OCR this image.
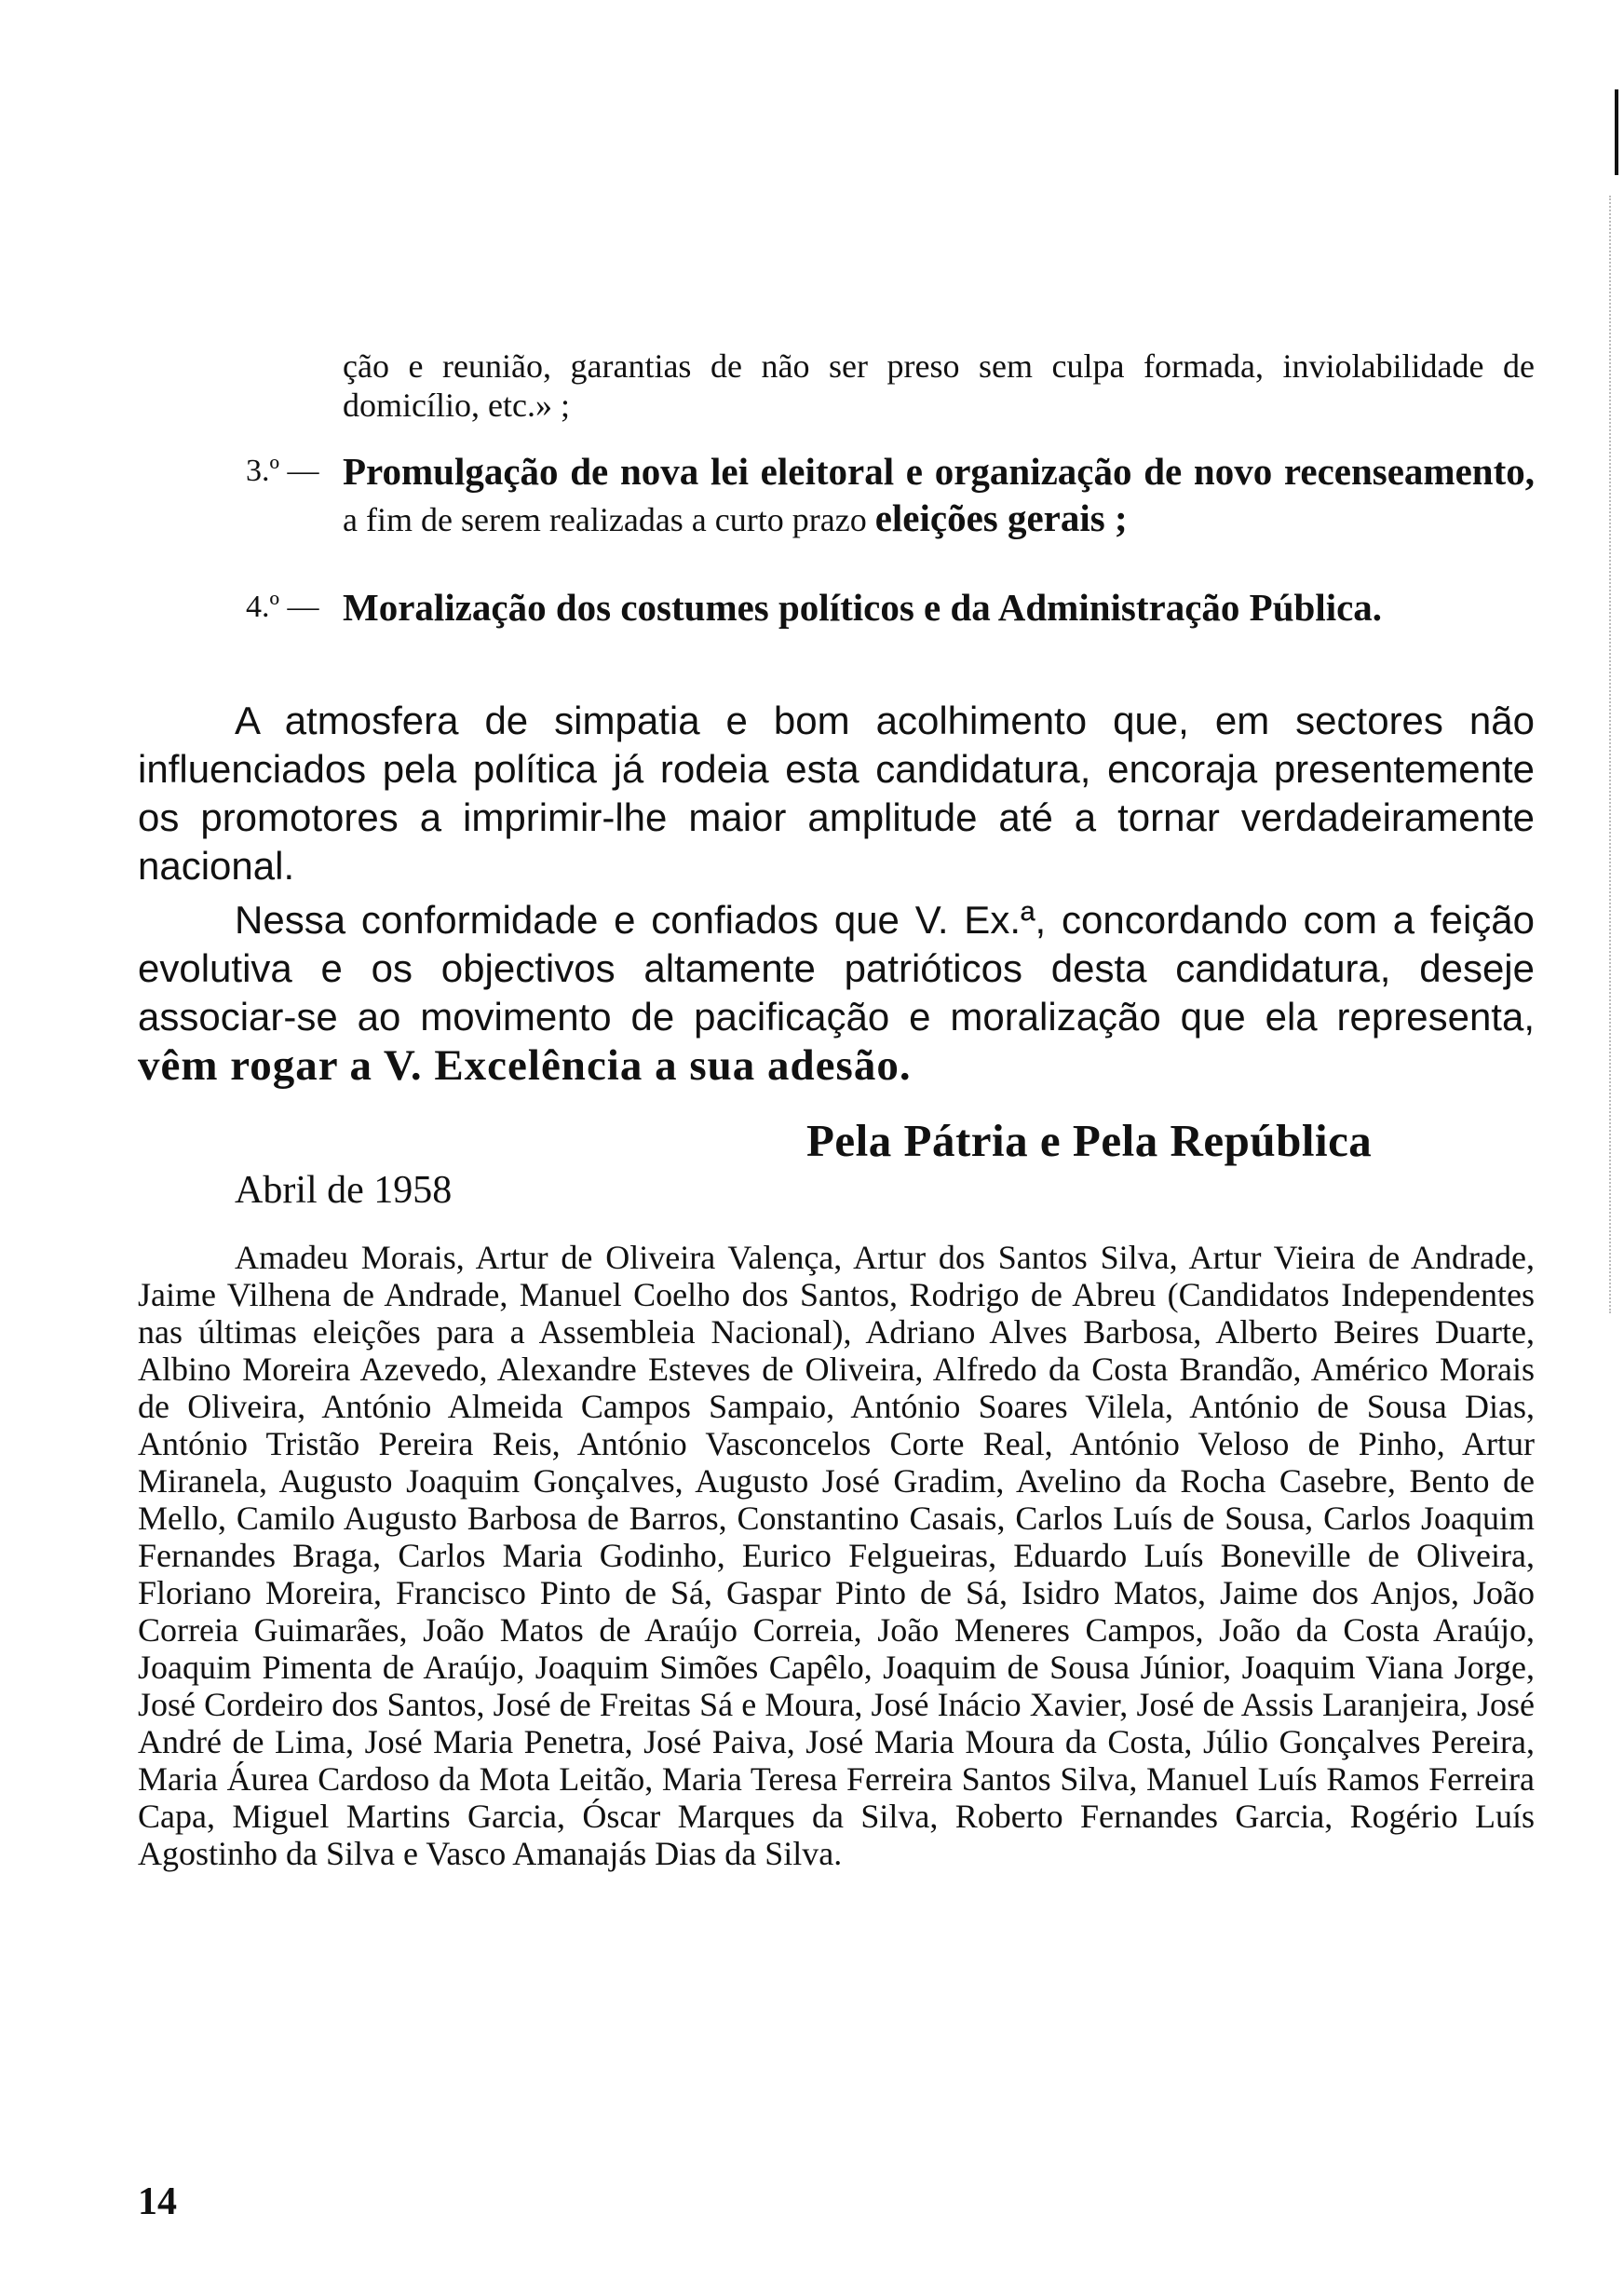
ção e reunião, garantias de não ser preso sem culpa formada, inviolabilidade de domicílio, etc.» ;
3.º — Promulgação de nova lei eleitoral e organização de novo recenseamento, a fim de serem realizadas a curto prazo eleições gerais ;
4.º — Moralização dos costumes políticos e da Administração Pública.
A atmosfera de simpatia e bom acolhimento que, em sectores não influenciados pela política já rodeia esta candidatura, encoraja presentemente os promotores a imprimir-lhe maior amplitude até a tornar verdadeiramente nacional.
Nessa conformidade e confiados que V. Ex.ª, concordando com a feição evolutiva e os objectivos altamente patrióticos desta candidatura, deseje associar-se ao movimento de pacificação e moralização que ela representa, vêm rogar a V. Excelência a sua adesão.
Pela Pátria e Pela República
Abril de 1958
Amadeu Morais, Artur de Oliveira Valença, Artur dos Santos Silva, Artur Vieira de Andrade, Jaime Vilhena de Andrade, Manuel Coelho dos Santos, Rodrigo de Abreu (Candidatos Independentes nas últimas eleições para a Assembleia Nacional), Adriano Alves Barbosa, Alberto Beires Duarte, Albino Moreira Azevedo, Alexandre Esteves de Oliveira, Alfredo da Costa Brandão, Américo Morais de Oliveira, António Almeida Campos Sampaio, António Soares Vilela, António de Sousa Dias, António Tristão Pereira Reis, António Vasconcelos Corte Real, António Veloso de Pinho, Artur Miranela, Augusto Joaquim Gonçalves, Augusto José Gradim, Avelino da Rocha Casebre, Bento de Mello, Camilo Augusto Barbosa de Barros, Constantino Casais, Carlos Luís de Sousa, Carlos Joaquim Fernandes Braga, Carlos Maria Godinho, Eurico Felgueiras, Eduardo Luís Boneville de Oliveira, Floriano Moreira, Francisco Pinto de Sá, Gaspar Pinto de Sá, Isidro Matos, Jaime dos Anjos, João Correia Guimarães, João Matos de Araújo Correia, João Meneres Campos, João da Costa Araújo, Joaquim Pimenta de Araújo, Joaquim Simões Capêlo, Joaquim de Sousa Júnior, Joaquim Viana Jorge, José Cordeiro dos Santos, José de Freitas Sá e Moura, José Inácio Xavier, José de Assis Laranjeira, José André de Lima, José Maria Penetra, José Paiva, José Maria Moura da Costa, Júlio Gonçalves Pereira, Maria Áurea Cardoso da Mota Leitão, Maria Teresa Ferreira Santos Silva, Manuel Luís Ramos Ferreira Capa, Miguel Martins Garcia, Óscar Marques da Silva, Roberto Fernandes Garcia, Rogério Luís Agostinho da Silva e Vasco Amanajás Dias da Silva.
14
